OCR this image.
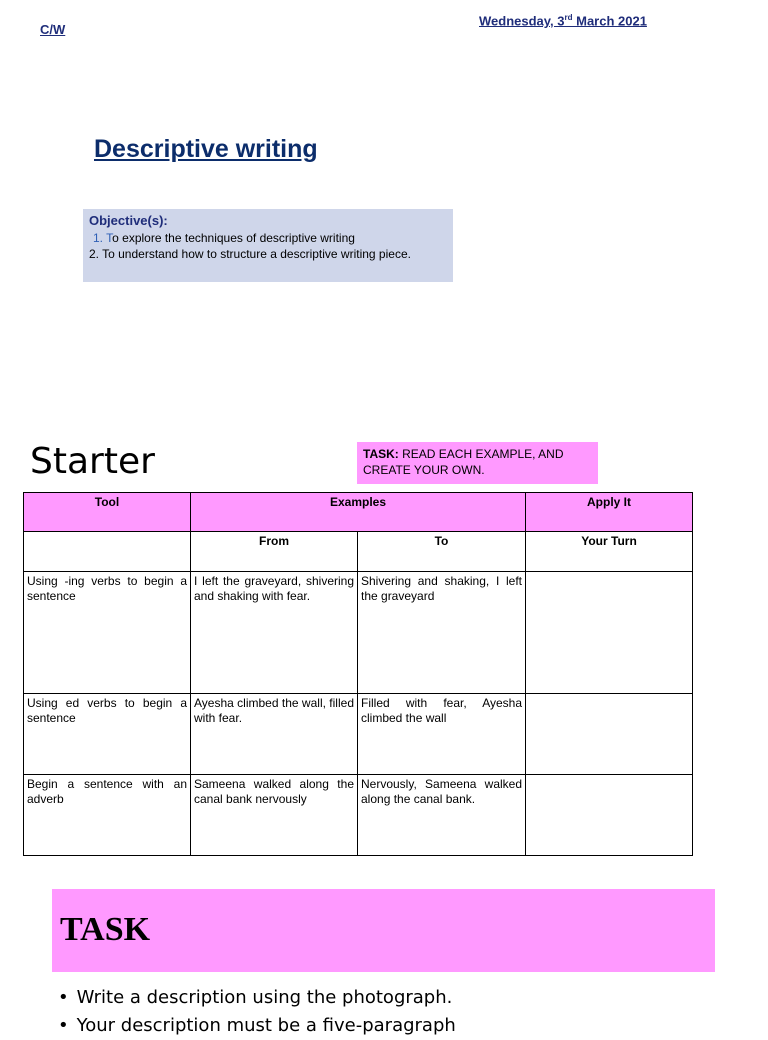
C/W
Wednesday, 3rd March 2021
Descriptive writing
Objective(s):
1. To explore the techniques of descriptive writing
2. To understand how to structure a descriptive writing piece.
Starter	TASK: READ EACH EXAMPLE, AND CREATE YOUR OWN.
Tool	Examples		Apply It
	From	To	Your Turn
Using -ing verbs to begin a sentence	I left the graveyard, shivering and shaking with fear.	Shivering and shaking, I left the graveyard	
Using ed verbs to begin a sentence	Ayesha climbed the wall, filled with fear.	Filled with fear, Ayesha climbed the wall	
Begin a sentence with an adverb	Sameena walked along the canal bank nervously	Nervously, Sameena walked along the canal bank.	
TASK
• Write a description using the photograph.
• Your description must be a five-paragraph
